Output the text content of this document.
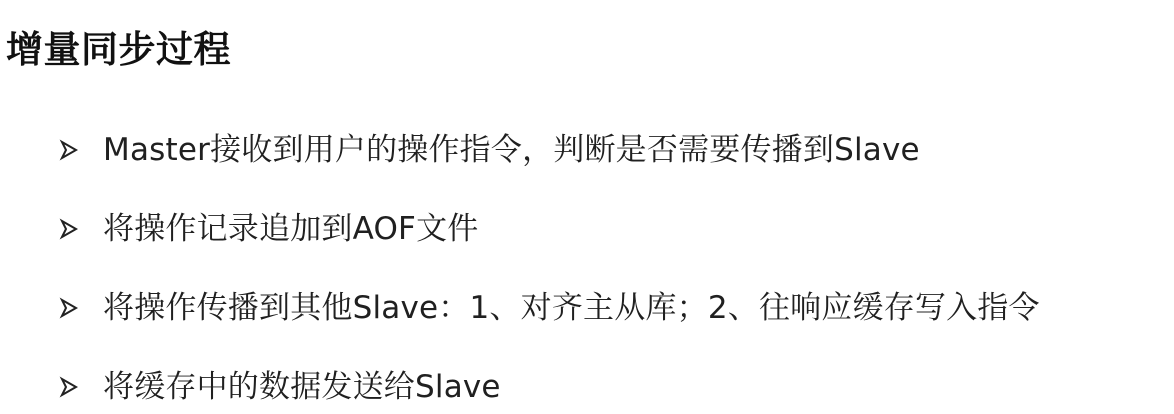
增量同步过程
Master接收到用户的操作指令，判断是否需要传播到Slave
将操作记录追加到AOF文件
将操作传播到其他Slave：1、对齐主从库；2、往响应缓存写入指令
将缓存中的数据发送给Slave
